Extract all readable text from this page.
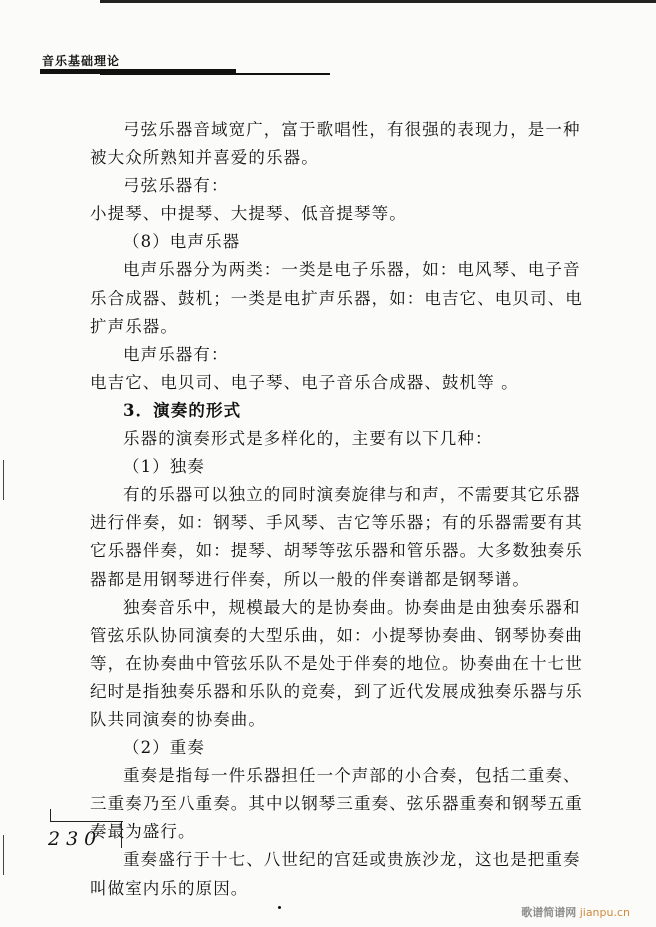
音乐基础理论
弓弦乐器音域宽广，富于歌唱性，有很强的表现力，是一种
被大众所熟知并喜爱的乐器。
弓弦乐器有：
小提琴、中提琴、大提琴、低音提琴等。
（8）电声乐器
电声乐器分为两类：一类是电子乐器，如：电风琴、电子音
乐合成器、鼓机；一类是电扩声乐器，如：电吉它、电贝司、电
扩声乐器。
电声乐器有：
电吉它、电贝司、电子琴、电子音乐合成器、鼓机等 。
3．演奏的形式
乐器的演奏形式是多样化的，主要有以下几种：
（1）独奏
有的乐器可以独立的同时演奏旋律与和声，不需要其它乐器
进行伴奏，如：钢琴、手风琴、吉它等乐器；有的乐器需要有其
它乐器伴奏，如：提琴、胡琴等弦乐器和管乐器。大多数独奏乐
器都是用钢琴进行伴奏，所以一般的伴奏谱都是钢琴谱。
独奏音乐中，规模最大的是协奏曲。协奏曲是由独奏乐器和
管弦乐队协同演奏的大型乐曲，如：小提琴协奏曲、钢琴协奏曲
等，在协奏曲中管弦乐队不是处于伴奏的地位。协奏曲在十七世
纪时是指独奏乐器和乐队的竞奏，到了近代发展成独奏乐器与乐
队共同演奏的协奏曲。
（2）重奏
重奏是指每一件乐器担任一个声部的小合奏，包括二重奏、
三重奏乃至八重奏。其中以钢琴三重奏、弦乐器重奏和钢琴五重
奏最为盛行。
重奏盛行于十七、八世纪的宫廷或贵族沙龙，这也是把重奏
叫做室内乐的原因。
230
歌谱简谱网 jianpu.cn
